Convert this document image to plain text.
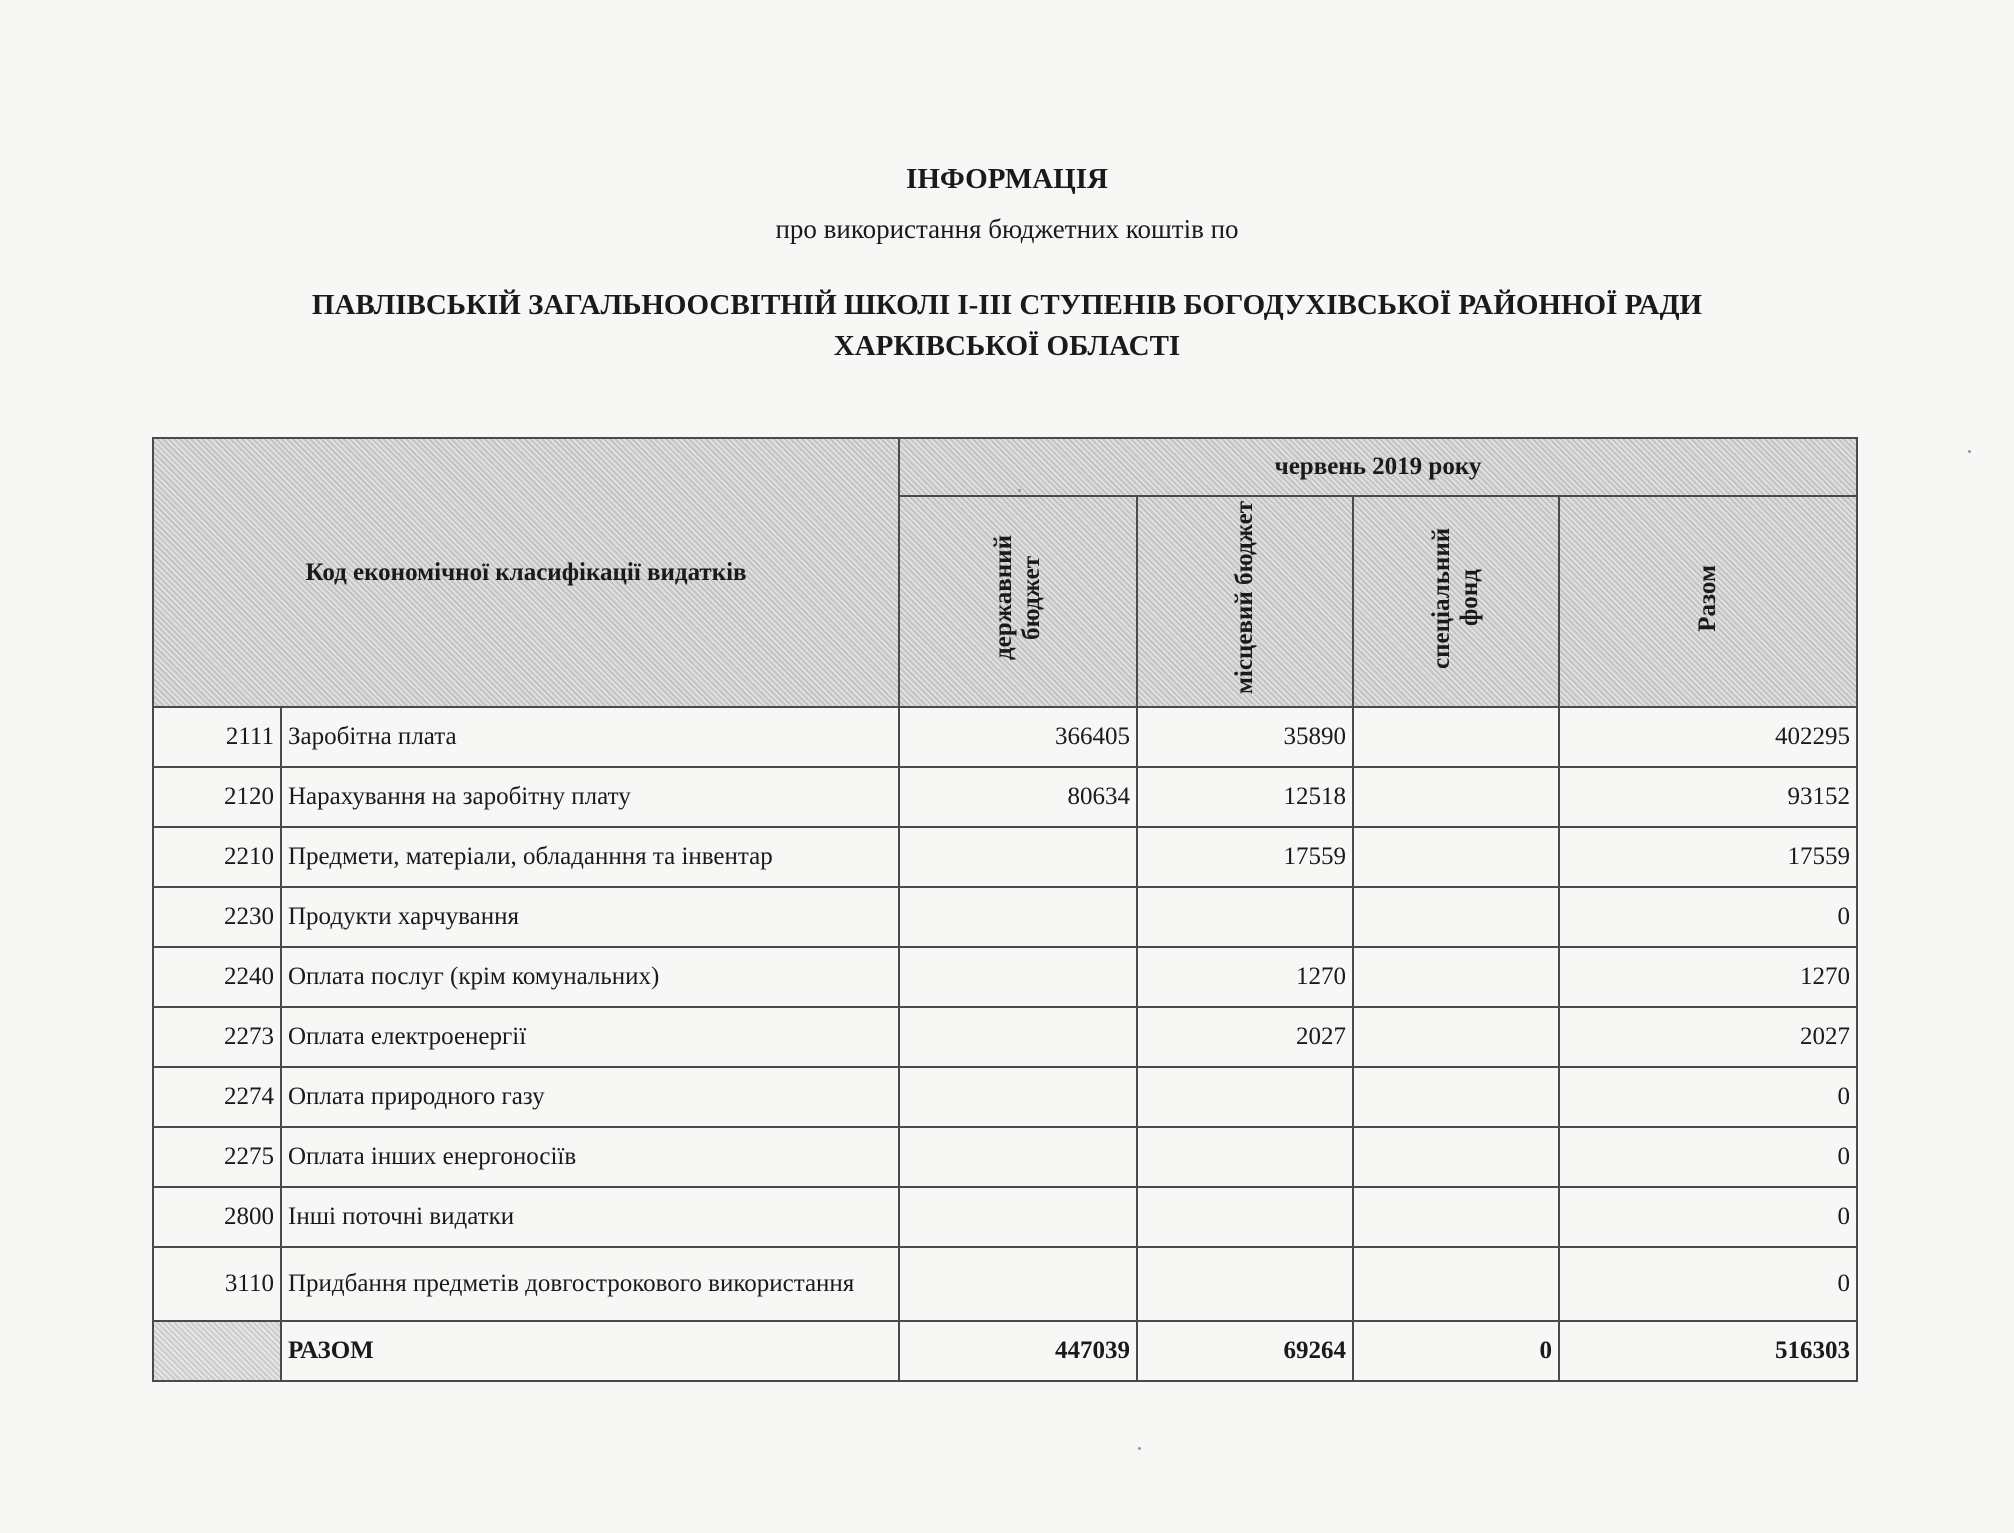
ІНФОРМАЦІЯ
про використання бюджетних коштів по
ПАВЛІВСЬКІЙ ЗАГАЛЬНООСВІТНІЙ ШКОЛІ І-ІІІ СТУПЕНІВ БОГОДУХІВСЬКОЇ РАЙОННОЇ РАДИ
ХАРКІВСЬКОЇ ОБЛАСТІ
Код економічної класифікації видатків		червень 2019 року			
		державний бюджет	місцевий бюджет	спеціальний фонд	Разом
2111	Заробітна плата	366405	35890		402295
2120	Нарахування на заробітну плату	80634	12518		93152
2210	Предмети, матеріали, обладанння та інвентар		17559		17559
2230	Продукти харчування				0
2240	Оплата послуг (крім комунальних)		1270		1270
2273	Оплата електроенергії		2027		2027
2274	Оплата природного газу				0
2275	Оплата інших енергоносіїв				0
2800	Інші поточні видатки				0
3110	Придбання предметів довгострокового використання				0
	РАЗОМ	447039	69264	0	516303
